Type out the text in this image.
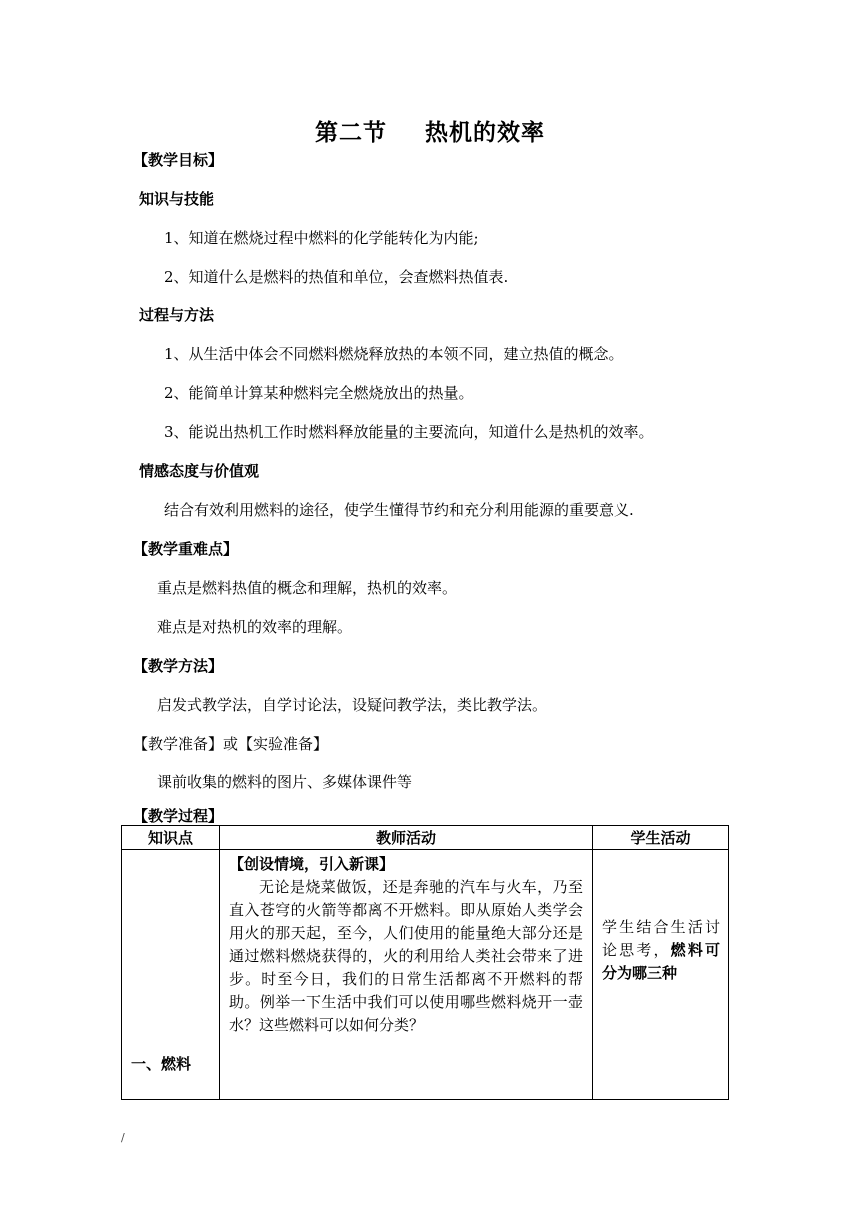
第二节 热机的效率
【教学目标】
知识与技能
1、知道在燃烧过程中燃料的化学能转化为内能;
2、知道什么是燃料的热值和单位，会查燃料热值表.
过程与方法
1、从生活中体会不同燃料燃烧释放热的本领不同，建立热值的概念。
2、能简单计算某种燃料完全燃烧放出的热量。
3、能说出热机工作时燃料释放能量的主要流向，知道什么是热机的效率。
情感态度与价值观
结合有效利用燃料的途径，使学生懂得节约和充分利用能源的重要意义.
【教学重难点】
重点是燃料热值的概念和理解，热机的效率。
难点是对热机的效率的理解。
【教学方法】
启发式教学法，自学讨论法，设疑问教学法，类比教学法。
【教学准备】或【实验准备】
课前收集的燃料的图片、多媒体课件等
【教学过程】
知识点	教师活动	学生活动

一、燃料	【创设情境，引入新课】
无论是烧菜做饭，还是奔驰的汽车与火车，乃至直入苍穹的火箭等都离不开燃料。即从原始人类学会用火的那天起，至今，人们使用的能量绝大部分还是通过燃料燃烧获得的，火的利用给人类社会带来了进步。时至今日，我们的日常生活都离不开燃料的帮助。例举一下生活中我们可以使用哪些燃料烧开一壶水？这些燃料可以如何分类？	学生结合生活讨论思考，燃料可分为哪三种
/
